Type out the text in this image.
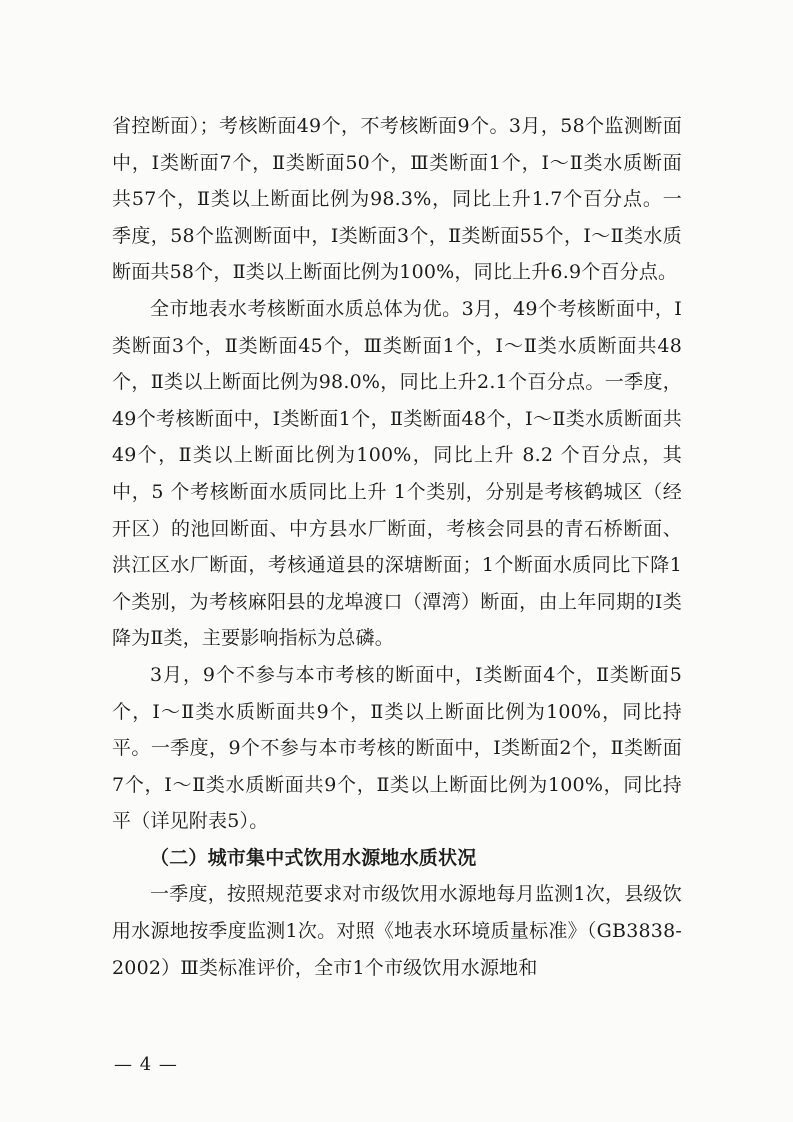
省控断面）；考核断面49个，不考核断面9个。3月，58个监测断面中，Ⅰ类断面7个，Ⅱ类断面50个，Ⅲ类断面1个，Ⅰ～Ⅱ类水质断面共57个，Ⅱ类以上断面比例为98.3%，同比上升1.7个百分点。一季度，58个监测断面中，Ⅰ类断面3个，Ⅱ类断面55个，Ⅰ～Ⅱ类水质断面共58个，Ⅱ类以上断面比例为100%，同比上升6.9个百分点。

全市地表水考核断面水质总体为优。3月，49个考核断面中，Ⅰ类断面3个，Ⅱ类断面45个，Ⅲ类断面1个，Ⅰ～Ⅱ类水质断面共48个，Ⅱ类以上断面比例为98.0%，同比上升2.1个百分点。一季度，49个考核断面中，Ⅰ类断面1个，Ⅱ类断面48个，Ⅰ～Ⅱ类水质断面共49个，Ⅱ类以上断面比例为100%，同比上升 8.2 个百分点，其中，5 个考核断面水质同比上升 1个类别，分别是考核鹤城区（经开区）的池回断面、中方县水厂断面，考核会同县的青石桥断面、洪江区水厂断面，考核通道县的深塘断面；1个断面水质同比下降1个类别，为考核麻阳县的龙埠渡口（潭湾）断面，由上年同期的Ⅰ类降为Ⅱ类，主要影响指标为总磷。

3月，9个不参与本市考核的断面中，Ⅰ类断面4个，Ⅱ类断面5个，Ⅰ～Ⅱ类水质断面共9个，Ⅱ类以上断面比例为100%，同比持平。一季度，9个不参与本市考核的断面中，Ⅰ类断面2个，Ⅱ类断面7个，Ⅰ～Ⅱ类水质断面共9个，Ⅱ类以上断面比例为100%，同比持平（详见附表5）。

（二）城市集中式饮用水源地水质状况

一季度，按照规范要求对市级饮用水源地每月监测1次，县级饮用水源地按季度监测1次。对照《地表水环境质量标准》（GB3838-2002）Ⅲ类标准评价，全市1个市级饮用水源地和

— 4 —
